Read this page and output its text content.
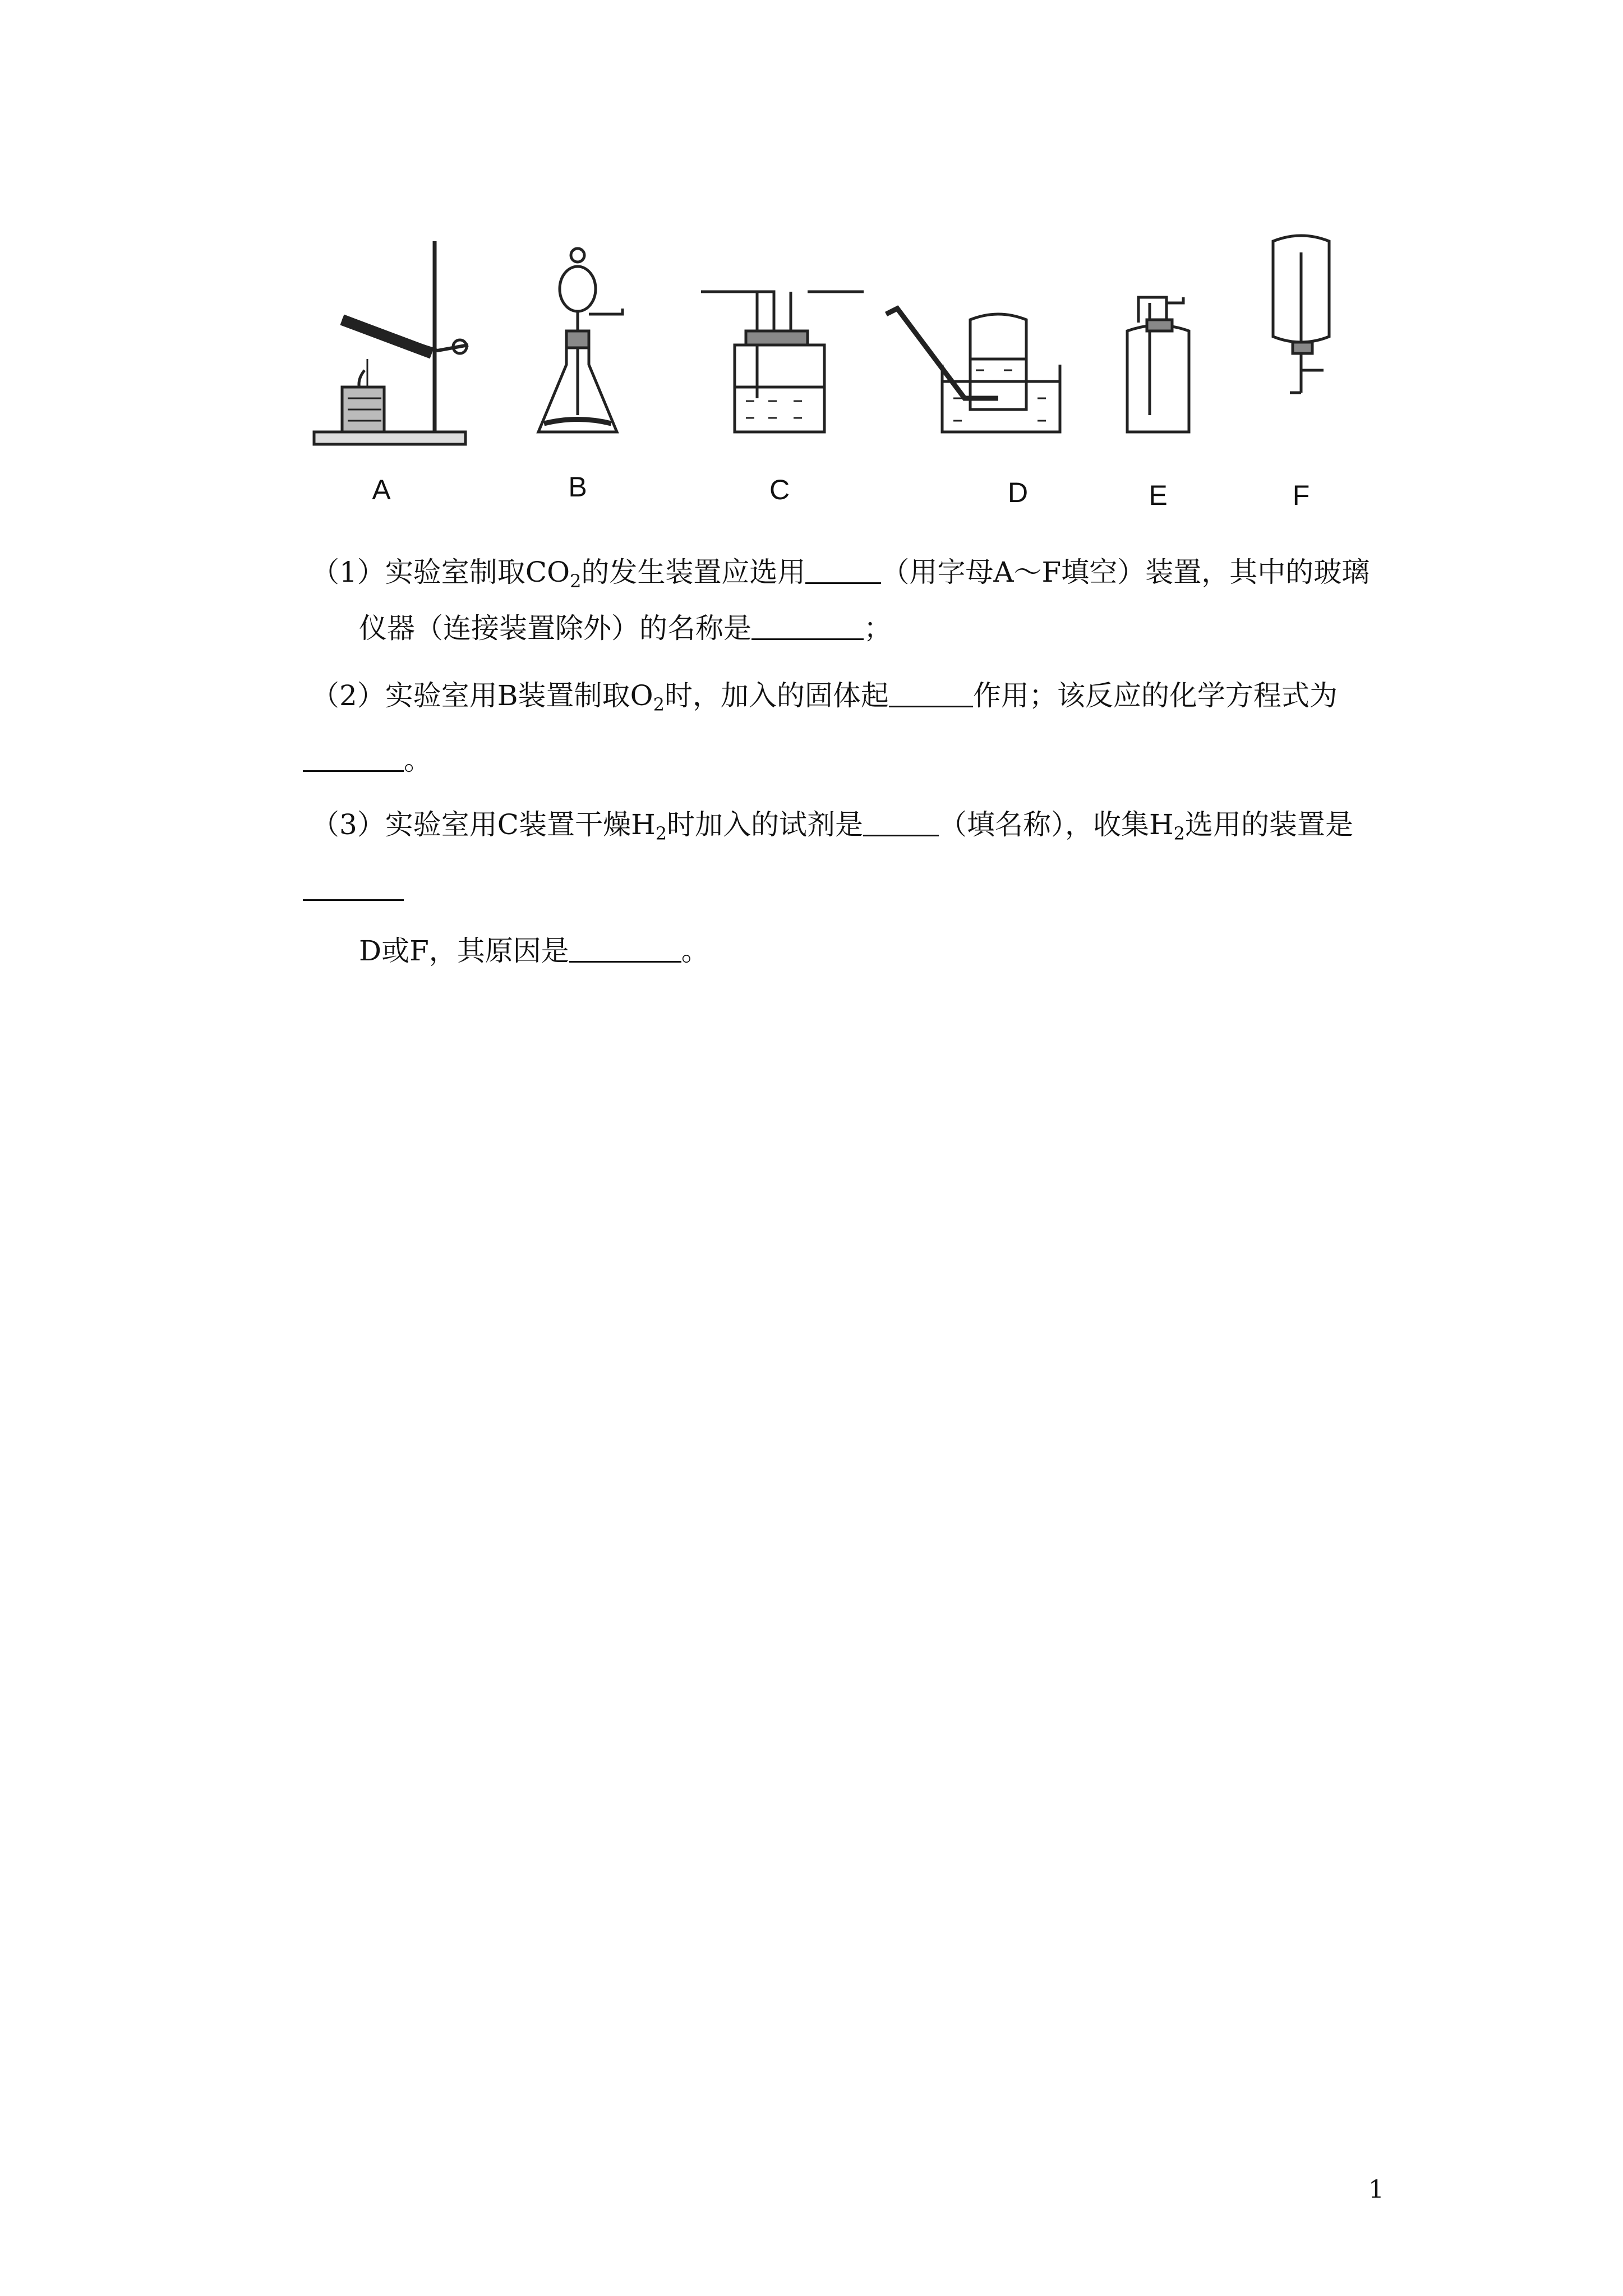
A	B	C	D	E	F
（1）实验室制取$CO_2$的发生装置应选用	（用字母A～F填空）装置，其中的玻璃
仪器（连接装置除外）的名称是	；
（2）实验室用B装置制取$O_2$时，加入的固体起	作用；该反应的化学方程式为
。
（3）实验室用C装置干燥$H_2$时加入的试剂是	（填名称），收集$H_2$选用的装置是
D或F，其原因是	。
1
